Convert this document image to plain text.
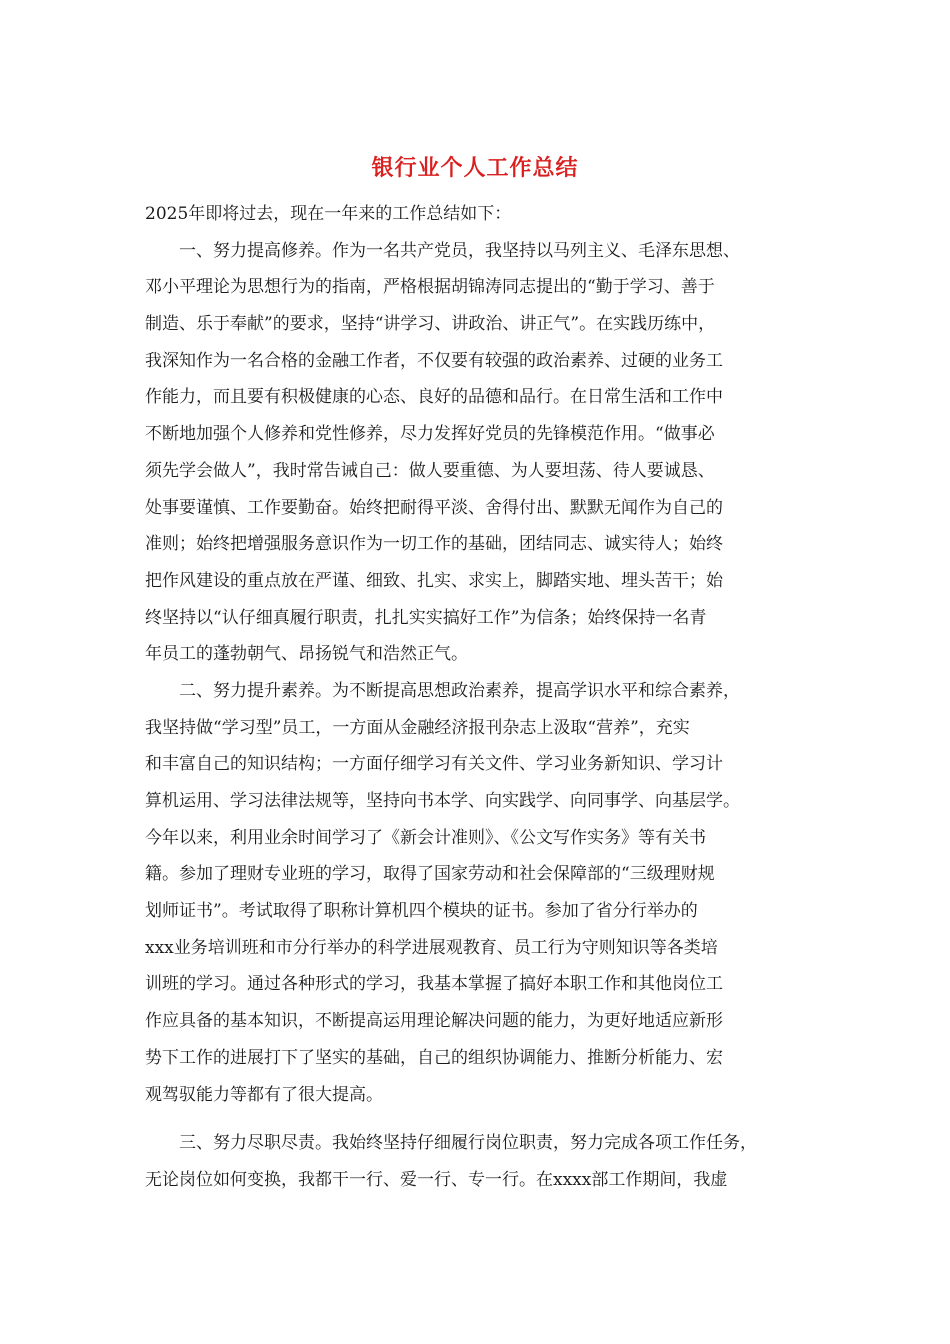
银行业个人工作总结
2025年即将过去，现在一年来的工作总结如下：
一、努力提高修养。作为一名共产党员，我坚持以马列主义、毛泽东思想、
邓小平理论为思想行为的指南，严格根据胡锦涛同志提出的“勤于学习、善于
制造、乐于奉献”的要求，坚持“讲学习、讲政治、讲正气”。在实践历练中，
我深知作为一名合格的金融工作者，不仅要有较强的政治素养、过硬的业务工
作能力，而且要有积极健康的心态、良好的品德和品行。在日常生活和工作中
不断地加强个人修养和党性修养，尽力发挥好党员的先锋模范作用。“做事必
须先学会做人”，我时常告诫自己：做人要重德、为人要坦荡、待人要诚恳、
处事要谨慎、工作要勤奋。始终把耐得平淡、舍得付出、默默无闻作为自己的
准则；始终把增强服务意识作为一切工作的基础，团结同志、诚实待人；始终
把作风建设的重点放在严谨、细致、扎实、求实上，脚踏实地、埋头苦干；始
终坚持以“认仔细真履行职责，扎扎实实搞好工作”为信条；始终保持一名青
年员工的蓬勃朝气、昂扬锐气和浩然正气。
二、努力提升素养。为不断提高思想政治素养，提高学识水平和综合素养，
我坚持做“学习型”员工，一方面从金融经济报刊杂志上汲取“营养”，充实
和丰富自己的知识结构；一方面仔细学习有关文件、学习业务新知识、学习计
算机运用、学习法律法规等，坚持向书本学、向实践学、向同事学、向基层学。
今年以来，利用业余时间学习了《新会计准则》、《公文写作实务》等有关书
籍。参加了理财专业班的学习，取得了国家劳动和社会保障部的“三级理财规
划师证书”。考试取得了职称计算机四个模块的证书。参加了省分行举办的
xxx业务培训班和市分行举办的科学进展观教育、员工行为守则知识等各类培
训班的学习。通过各种形式的学习，我基本掌握了搞好本职工作和其他岗位工
作应具备的基本知识，不断提高运用理论解决问题的能力，为更好地适应新形
势下工作的进展打下了坚实的基础，自己的组织协调能力、推断分析能力、宏
观驾驭能力等都有了很大提高。
三、努力尽职尽责。我始终坚持仔细履行岗位职责，努力完成各项工作任务，
无论岗位如何变换，我都干一行、爱一行、专一行。在xxxx部工作期间，我虚
